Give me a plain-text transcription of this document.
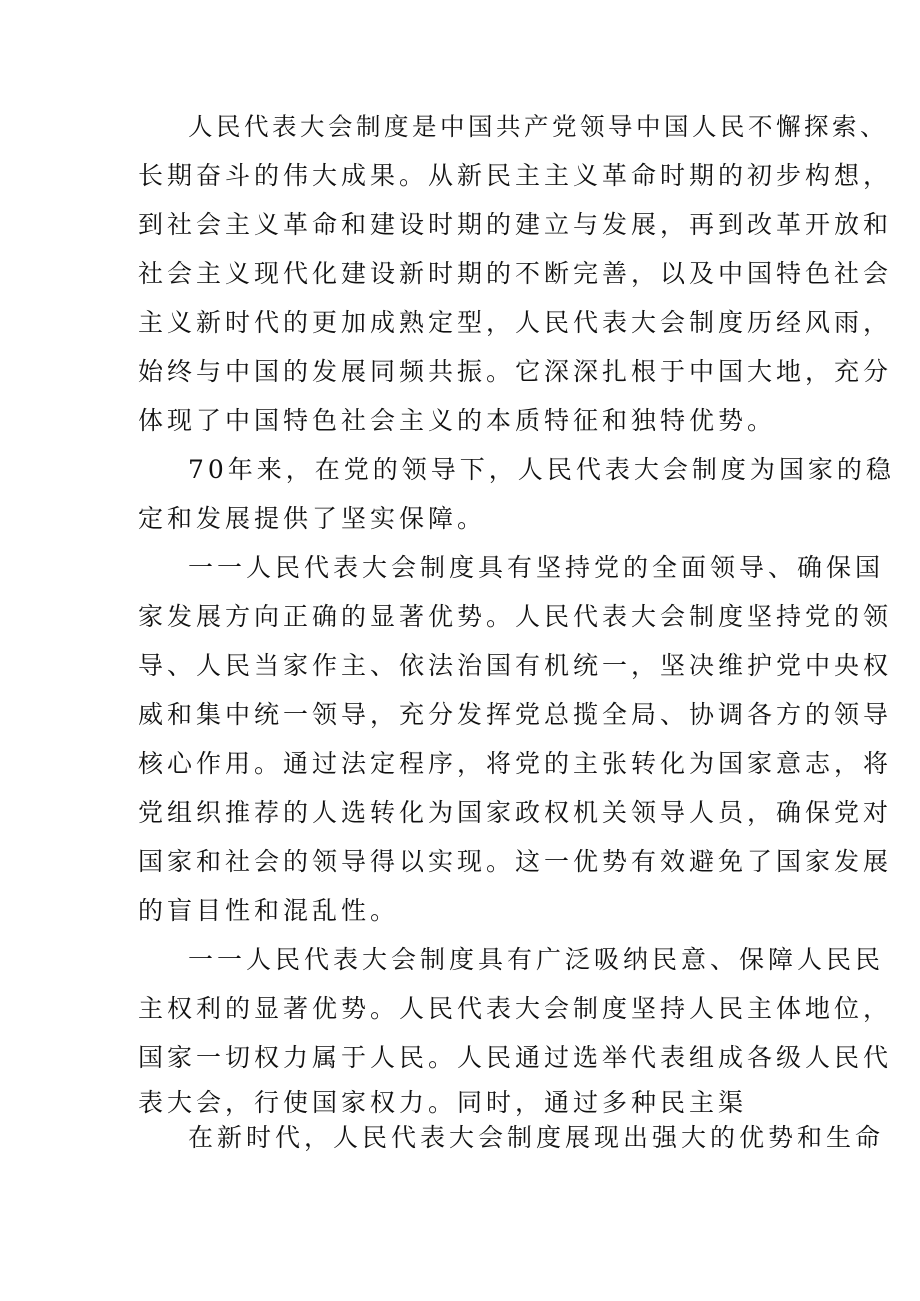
人民代表大会制度是中国共产党领导中国人民不懈探索、
长期奋斗的伟大成果。从新民主主义革命时期的初步构想，
到社会主义革命和建设时期的建立与发展，再到改革开放和
社会主义现代化建设新时期的不断完善，以及中国特色社会
主义新时代的更加成熟定型，人民代表大会制度历经风雨，
始终与中国的发展同频共振。它深深扎根于中国大地，充分
体现了中国特色社会主义的本质特征和独特优势。
70年来，在党的领导下，人民代表大会制度为国家的稳
定和发展提供了坚实保障。
一一人民代表大会制度具有坚持党的全面领导、确保国
家发展方向正确的显著优势。人民代表大会制度坚持党的领
导、人民当家作主、依法治国有机统一，坚决维护党中央权
威和集中统一领导，充分发挥党总揽全局、协调各方的领导
核心作用。通过法定程序，将党的主张转化为国家意志，将
党组织推荐的人选转化为国家政权机关领导人员，确保党对
国家和社会的领导得以实现。这一优势有效避免了国家发展
的盲目性和混乱性。
一一人民代表大会制度具有广泛吸纳民意、保障人民民
主权利的显著优势。人民代表大会制度坚持人民主体地位，
国家一切权力属于人民。人民通过选举代表组成各级人民代
表大会，行使国家权力。同时，通过多种民主渠
在新时代，人民代表大会制度展现出强大的优势和生命
